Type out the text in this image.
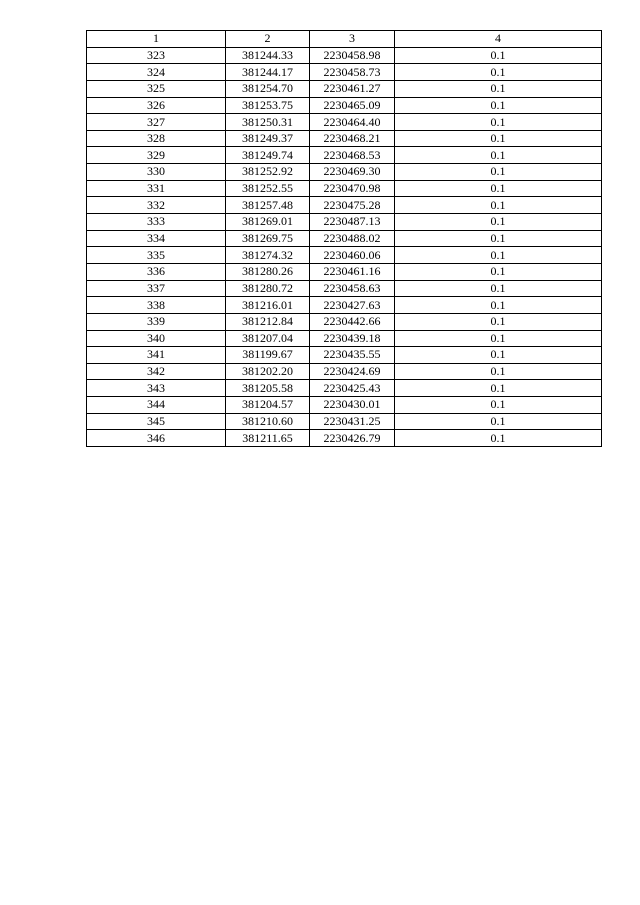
1	2	3	4
323	381244.33	2230458.98	0.1
324	381244.17	2230458.73	0.1
325	381254.70	2230461.27	0.1
326	381253.75	2230465.09	0.1
327	381250.31	2230464.40	0.1
328	381249.37	2230468.21	0.1
329	381249.74	2230468.53	0.1
330	381252.92	2230469.30	0.1
331	381252.55	2230470.98	0.1
332	381257.48	2230475.28	0.1
333	381269.01	2230487.13	0.1
334	381269.75	2230488.02	0.1
335	381274.32	2230460.06	0.1
336	381280.26	2230461.16	0.1
337	381280.72	2230458.63	0.1
338	381216.01	2230427.63	0.1
339	381212.84	2230442.66	0.1
340	381207.04	2230439.18	0.1
341	381199.67	2230435.55	0.1
342	381202.20	2230424.69	0.1
343	381205.58	2230425.43	0.1
344	381204.57	2230430.01	0.1
345	381210.60	2230431.25	0.1
346	381211.65	2230426.79	0.1
